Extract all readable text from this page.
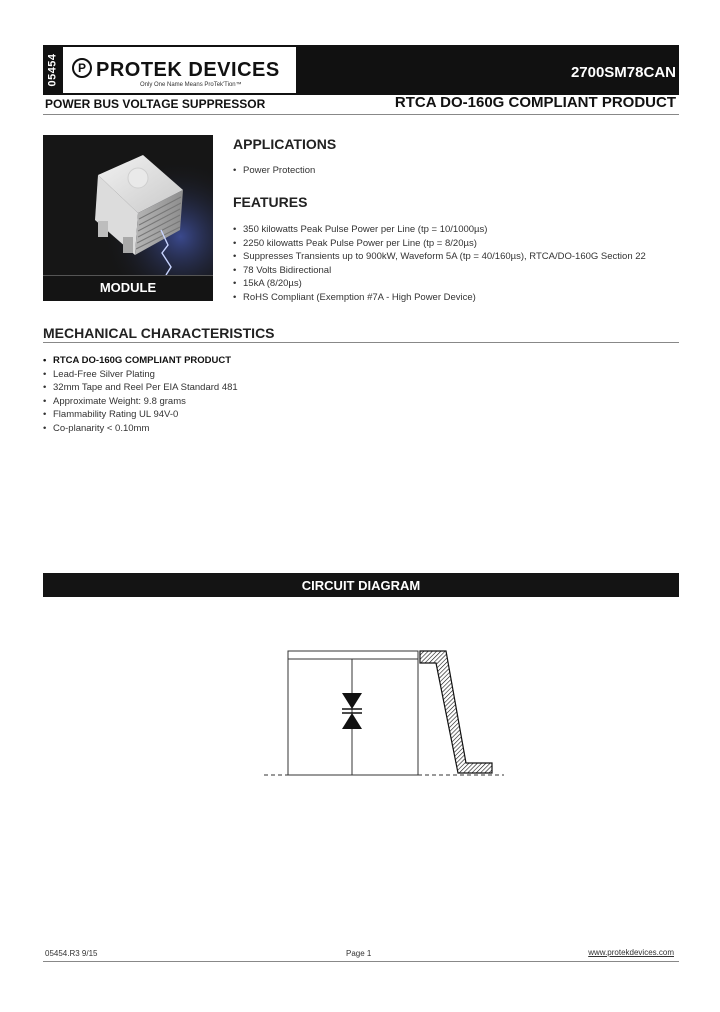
05454	P PROTEK DEVICES
Only One Name Means ProTek'Tion™
2700SM78CAN
POWER BUS VOLTAGE SUPPRESSOR	RTCA DO-160G COMPLIANT PRODUCT
MODULE
APPLICATIONS
• Power Protection
FEATURES
• 350 kilowatts Peak Pulse Power per Line (tp = 10/1000µs)
• 2250 kilowatts Peak Pulse Power per Line (tp = 8/20µs)
• Suppresses Transients up to 900kW, Waveform 5A (tp = 40/160µs), RTCA/DO-160G Section 22
• 78 Volts Bidirectional
• 15kA (8/20µs)
• RoHS Compliant (Exemption #7A - High Power Device)
MECHANICAL CHARACTERISTICS
• RTCA DO-160G COMPLIANT PRODUCT
• Lead-Free Silver Plating
• 32mm Tape and Reel Per EIA Standard 481
• Approximate Weight: 9.8 grams
• Flammability Rating UL 94V-0
• Co-planarity < 0.10mm
CIRCUIT DIAGRAM
05454.R3 9/15	Page 1	www.protekdevices.com
